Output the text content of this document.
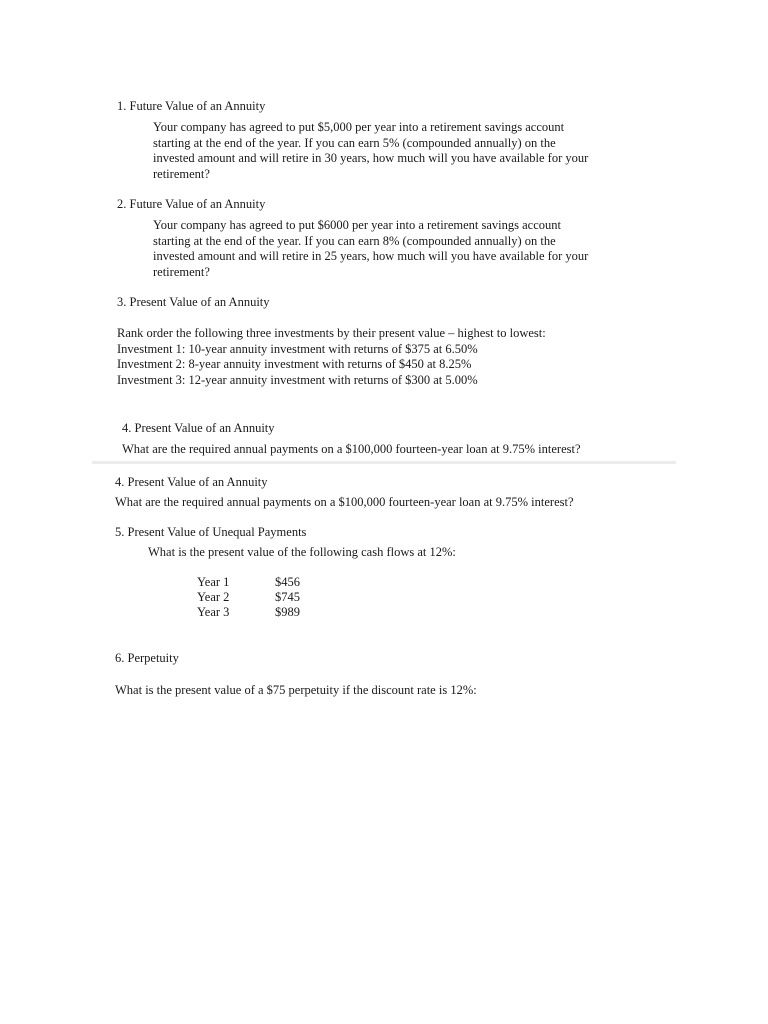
1. Future Value of an Annuity
Your company has agreed to put $5,000 per year into a retirement savings account
starting at the end of the year. If you can earn 5% (compounded annually) on the
invested amount and will retire in 30 years, how much will you have available for your
retirement?
2. Future Value of an Annuity
Your company has agreed to put $6000 per year into a retirement savings account
starting at the end of the year. If you can earn 8% (compounded annually) on the
invested amount and will retire in 25 years, how much will you have available for your
retirement?
3. Present Value of an Annuity
Rank order the following three investments by their present value – highest to lowest:
Investment 1: 10-year annuity investment with returns of $375 at 6.50%
Investment 2: 8-year annuity investment with returns of $450 at 8.25%
Investment 3: 12-year annuity investment with returns of $300 at 5.00%
4. Present Value of an Annuity
What are the required annual payments on a $100,000 fourteen-year loan at 9.75% interest?
4. Present Value of an Annuity
What are the required annual payments on a $100,000 fourteen-year loan at 9.75% interest?
5. Present Value of Unequal Payments
What is the present value of the following cash flows at 12%:
Year 1	$456
Year 2	$745
Year 3	$989
6. Perpetuity
What is the present value of a $75 perpetuity if the discount rate is 12%:
